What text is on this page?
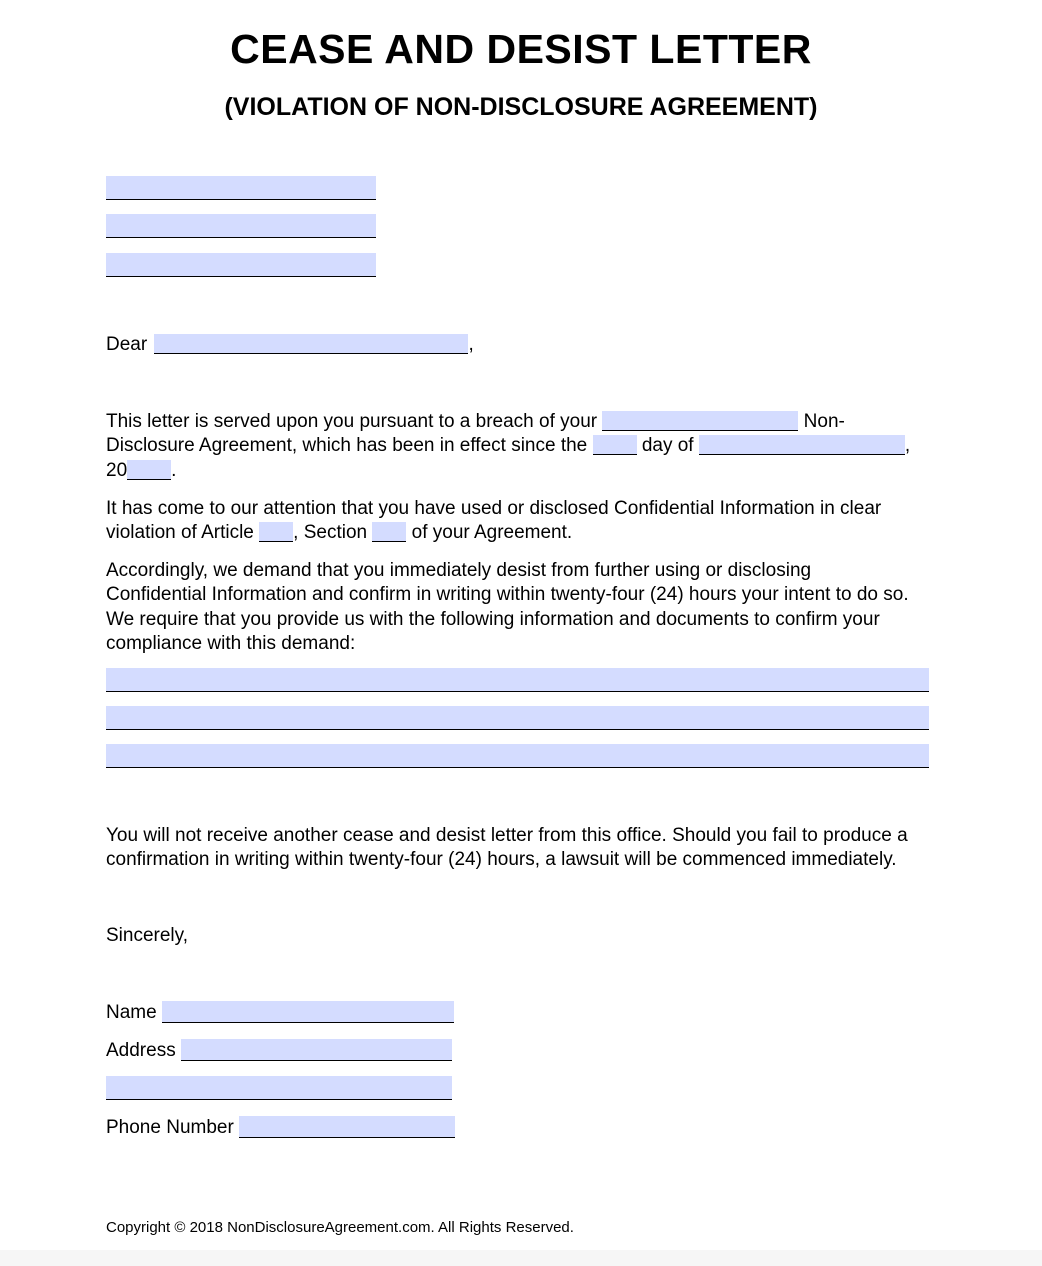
CEASE AND DESIST LETTER
(VIOLATION OF NON-DISCLOSURE AGREEMENT)
Dear	,
This letter is served upon you pursuant to a breach of your	Non-
Disclosure Agreement, which has been in effect since the	day of	,
20 .
It has come to our attention that you have used or disclosed Confidential Information in clear
violation of Article , Section of your Agreement.
Accordingly, we demand that you immediately desist from further using or disclosing
Confidential Information and confirm in writing within twenty-four (24) hours your intent to do so.
We require that you provide us with the following information and documents to confirm your
compliance with this demand:
You will not receive another cease and desist letter from this office. Should you fail to produce a
confirmation in writing within twenty-four (24) hours, a lawsuit will be commenced immediately.
Sincerely,
Name
Address
Phone Number
Copyright © 2018 NonDisclosureAgreement.com. All Rights Reserved.
